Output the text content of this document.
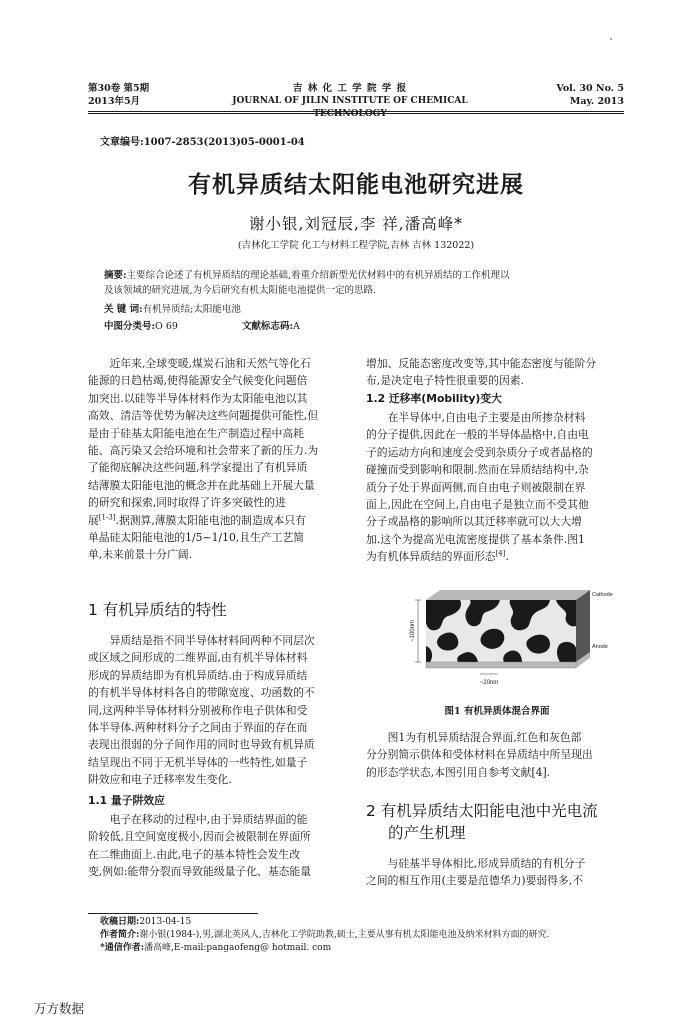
第30卷 第5期
2013年5月
吉 林 化 工 学 院 学 报
JOURNAL OF JILIN INSTITUTE OF CHEMICAL TECHNOLOGY
Vol. 30 No. 5
May. 2013
文章编号:1007-2853(2013)05-0001-04
有机异质结太阳能电池研究进展
谢小银,刘冠辰,李 祥,潘高峰*
(吉林化工学院 化工与材料工程学院,吉林 吉林 132022)
摘要:主要综合论述了有机异质结的理论基础,着重介绍新型光伏材料中的有机异质结的工作机理以
及该领域的研究进展,为今后研究有机太阳能电池提供一定的思路.
关 键 词:有机异质结;太阳能电池
中图分类号:O 69	文献标志码:A
近年来,全球变暖,煤炭石油和天然气等化石
能源的日趋枯竭,使得能源安全气候变化问题倍
加突出.以硅等半导体材料作为太阳能电池以其
高效、清洁等优势为解决这些问题提供可能性,但
是由于硅基太阳能电池在生产制造过程中高耗
能、高污染又会给环境和社会带来了新的压力.为
了能彻底解决这些问题,科学家提出了有机异质
结薄膜太阳能电池的概念并在此基础上开展大量
的研究和探索,同时取得了许多突破性的进
展[1-3].据测算,薄膜太阳能电池的制造成本只有
单晶硅太阳能电池的1/5~1/10,且生产工艺简
单,未来前景十分广阔.
1 有机异质结的特性
异质结是指不同半导体材料间两种不同层次
或区域之间形成的二维界面,由有机半导体材料
形成的异质结即为有机异质结.由于构成异质结
的有机半导体材料各自的带隙宽度、功函数的不
同,这两种半导体材料分别被称作电子供体和受
体半导体.两种材料分子之间由于界面的存在而
表现出很弱的分子间作用的同时也导致有机异质
结呈现出不同于无机半导体的一些特性,如量子
阱效应和电子迁移率发生变化.
1.1 量子阱效应
电子在移动的过程中,由于异质结界面的能
阶较低,且空间宽度极小,因而会被限制在界面所
在二维曲面上.由此,电子的基本特性会发生改
变,例如:能带分裂而导致能级量子化、基态能量
增加、反能态密度改变等,其中能态密度与能阶分
布,是决定电子特性很重要的因素.
1.2 迁移率(Mobility)变大
在半导体中,自由电子主要是由所掺杂材料
的分子提供,因此在一般的半导体晶格中,自由电
子的运动方向和速度会受到杂质分子或者晶格的
碰撞而受到影响和限制.然而在异质结结构中,杂
质分子处于界面两侧,而自由电子则被限制在界
面上,因此在空间上,自由电子是独立而不受其他
分子或晶格的影响所以其迁移率就可以大大增
加.这个为提高光电流密度提供了基本条件.图1
为有机体异质结的界面形态[4].
Cathode
Anode
~100nm
~20nm
图1 有机异质体混合界面
图1为有机异质结混合界面,红色和灰色部
分分别简示供体和受体材料在异质结中所呈现出
的形态学状态,本图引用自参考文献[4].
2 有机异质结太阳能电池中光电流
的产生机理
与硅基半导体相比,形成异质结的有机分子
之间的相互作用(主要是范德华力)要弱得多,不
收稿日期:2013-04-15
作者简介:谢小银(1984-),男,湖北英风人,吉林化工学院助教,硕士,主要从事有机太阳能电池及纳米材料方面的研究.
*通信作者:潘高峰,E-mail:pangaofeng@ hotmail. com
万方数据
